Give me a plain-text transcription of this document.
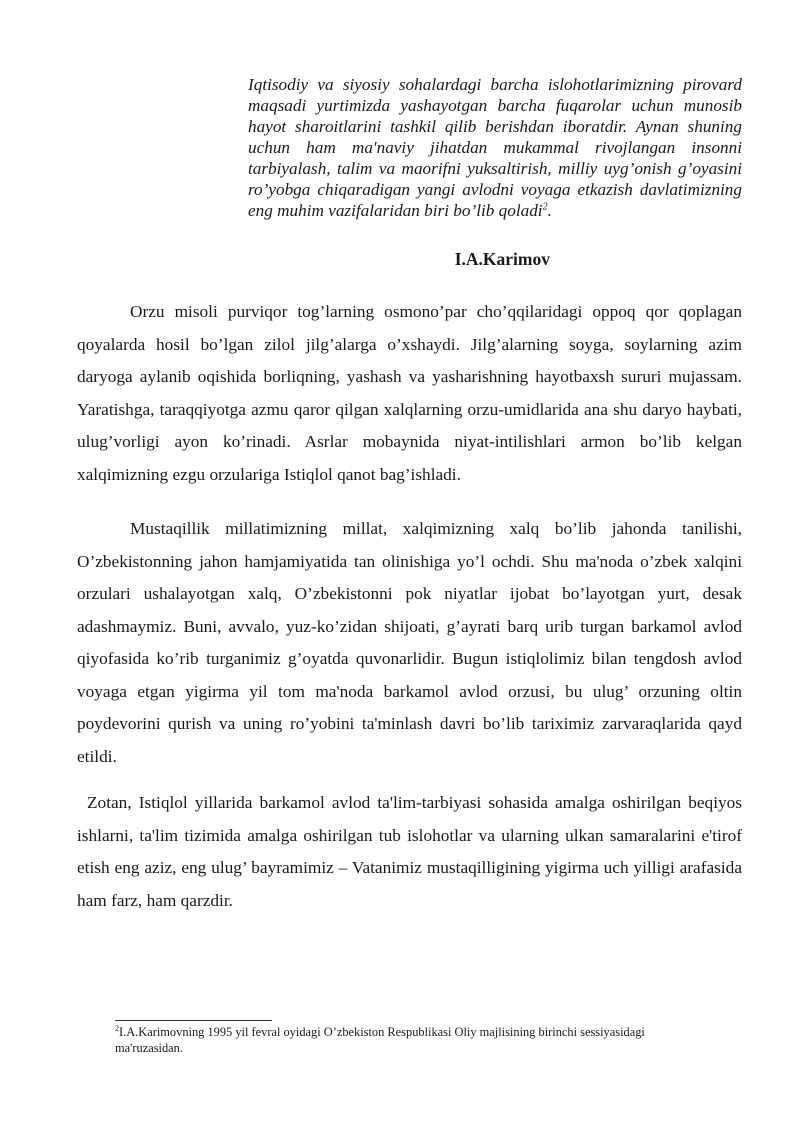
Iqtisodiy va siyosiy sohalardagi barcha islohotlarimizning pirovard maqsadi yurtimizda yashayotgan barcha fuqarolar uchun munosib hayot sharoitlarini tashkil qilib berishdan iboratdir. Aynan shuning uchun ham ma'naviy jihatdan mukammal rivojlangan insonni tarbiyalash, talim va maorifni yuksaltirish, milliy uyg’onish g’oyasini ro’yobga chiqaradigan yangi avlodni voyaga etkazish davlatimizning eng muhim vazifalaridan biri bo’lib qoladi$^2$.

I.A.Karimov

Orzu misoli purviqor tog’larning osmono’par cho’qqilaridagi oppoq qor qoplagan qoyalarda hosil bo’lgan zilol jilg’alarga o’xshaydi. Jilg’alarning soyga, soylarning azim daryoga aylanib oqishida borliqning, yashash va yasharishning hayotbaxsh sururi mujassam. Yaratishga, taraqqiyotga azmu qaror qilgan xalqlarning orzu-umidlarida ana shu daryo haybati, ulug’vorligi ayon ko’rinadi. Asrlar mobaynida niyat-intilishlari armon bo’lib kelgan xalqimizning ezgu orzulariga Istiqlol qanot bag’ishladi.

Mustaqillik millatimizning millat, xalqimizning xalq bo’lib jahonda tanilishi, O’zbekistonning jahon hamjamiyatida tan olinishiga yo’l ochdi. Shu ma'noda o’zbek xalqini orzulari ushalayotgan xalq, O’zbekistonni pok niyatlar ijobat bo’layotgan yurt, desak adashmaymiz. Buni, avvalo, yuz-ko’zidan shijoati, g’ayrati barq urib turgan barkamol avlod qiyofasida ko’rib turganimiz g’oyatda quvonarlidir. Bugun istiqlolimiz bilan tengdosh avlod voyaga etgan yigirma yil tom ma'noda barkamol avlod orzusi, bu ulug’ orzuning oltin poydevorini qurish va uning ro’yobini ta'minlash davri bo’lib tariximiz zarvaraqlarida qayd etildi.

Zotan, Istiqlol yillarida barkamol avlod ta'lim-tarbiyasi sohasida amalga oshirilgan beqiyos ishlarni, ta'lim tizimida amalga oshirilgan tub islohotlar va ularning ulkan samaralarini e'tirof etish eng aziz, eng ulug’ bayramimiz – Vatanimiz mustaqilligining yigirma uch yilligi arafasida ham farz, ham qarzdir.

$^2$I.A.Karimovning 1995 yil fevral oyidagi O’zbekiston Respublikasi Oliy majlisining birinchi sessiyasidagi ma'ruzasidan.
